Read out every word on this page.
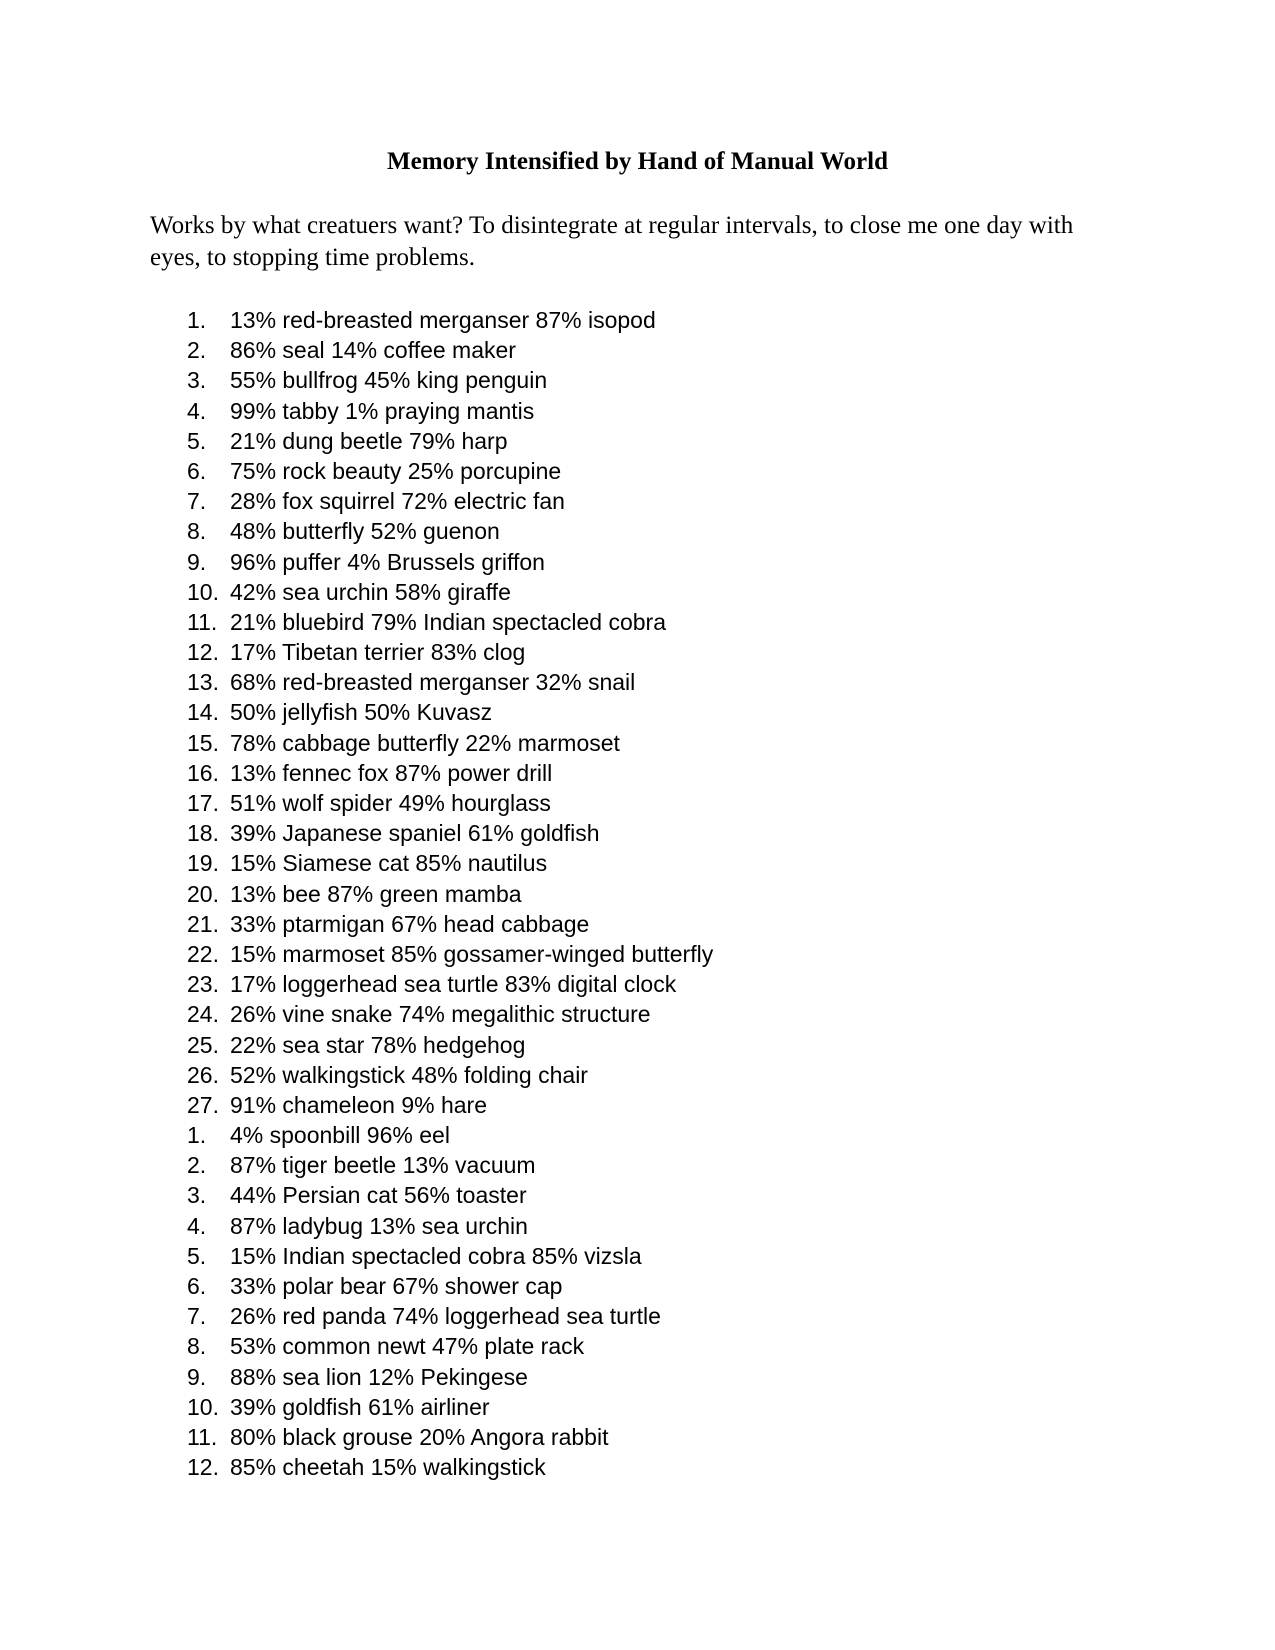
Memory Intensified by Hand of Manual World

Works by what creatuers want? To disintegrate at regular intervals, to close me one day with eyes, to stopping time problems.

1.	13% red-breasted merganser 87% isopod
2.	86% seal 14% coffee maker
3.	55% bullfrog 45% king penguin
4.	99% tabby 1% praying mantis
5.	21% dung beetle 79% harp
6.	75% rock beauty 25% porcupine
7.	28% fox squirrel 72% electric fan
8.	48% butterfly 52% guenon
9.	96% puffer 4% Brussels griffon
10. 42% sea urchin 58% giraffe
11. 21% bluebird 79% Indian spectacled cobra
12. 17% Tibetan terrier 83% clog
13. 68% red-breasted merganser 32% snail
14. 50% jellyfish 50% Kuvasz
15. 78% cabbage butterfly 22% marmoset
16. 13% fennec fox 87% power drill
17. 51% wolf spider 49% hourglass
18. 39% Japanese spaniel 61% goldfish
19. 15% Siamese cat 85% nautilus
20. 13% bee 87% green mamba
21. 33% ptarmigan 67% head cabbage
22. 15% marmoset 85% gossamer-winged butterfly
23. 17% loggerhead sea turtle 83% digital clock
24. 26% vine snake 74% megalithic structure
25. 22% sea star 78% hedgehog
26. 52% walkingstick 48% folding chair
27. 91% chameleon 9% hare
1.	4% spoonbill 96% eel
2.	87% tiger beetle 13% vacuum
3.	44% Persian cat 56% toaster
4.	87% ladybug 13% sea urchin
5.	15% Indian spectacled cobra 85% vizsla
6.	33% polar bear 67% shower cap
7.	26% red panda 74% loggerhead sea turtle
8.	53% common newt 47% plate rack
9.	88% sea lion 12% Pekingese
10. 39% goldfish 61% airliner
11. 80% black grouse 20% Angora rabbit
12. 85% cheetah 15% walkingstick
